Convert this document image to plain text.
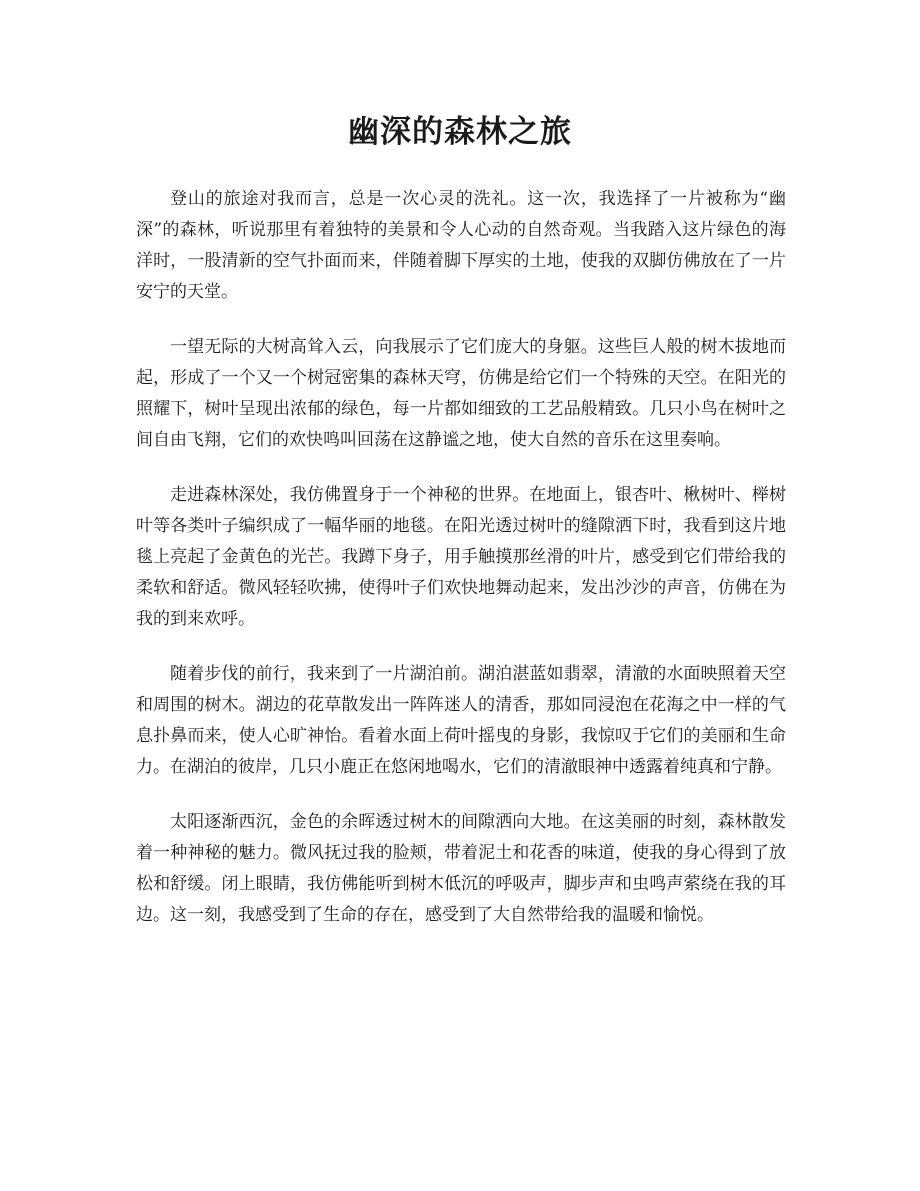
幽深的森林之旅

登山的旅途对我而言，总是一次心灵的洗礼。这一次，我选择了一片被称为“幽深”的森林，听说那里有着独特的美景和令人心动的自然奇观。当我踏入这片绿色的海洋时，一股清新的空气扑面而来，伴随着脚下厚实的土地，使我的双脚仿佛放在了一片安宁的天堂。

一望无际的大树高耸入云，向我展示了它们庞大的身躯。这些巨人般的树木拔地而起，形成了一个又一个树冠密集的森林天穹，仿佛是给它们一个特殊的天空。在阳光的照耀下，树叶呈现出浓郁的绿色，每一片都如细致的工艺品般精致。几只小鸟在树叶之间自由飞翔，它们的欢快鸣叫回荡在这静谧之地，使大自然的音乐在这里奏响。

走进森林深处，我仿佛置身于一个神秘的世界。在地面上，银杏叶、楸树叶、榉树叶等各类叶子编织成了一幅华丽的地毯。在阳光透过树叶的缝隙洒下时，我看到这片地毯上亮起了金黄色的光芒。我蹲下身子，用手触摸那丝滑的叶片，感受到它们带给我的柔软和舒适。微风轻轻吹拂，使得叶子们欢快地舞动起来，发出沙沙的声音，仿佛在为我的到来欢呼。

随着步伐的前行，我来到了一片湖泊前。湖泊湛蓝如翡翠，清澈的水面映照着天空和周围的树木。湖边的花草散发出一阵阵迷人的清香，那如同浸泡在花海之中一样的气息扑鼻而来，使人心旷神怡。看着水面上荷叶摇曳的身影，我惊叹于它们的美丽和生命力。在湖泊的彼岸，几只小鹿正在悠闲地喝水，它们的清澈眼神中透露着纯真和宁静。

太阳逐渐西沉，金色的余晖透过树木的间隙洒向大地。在这美丽的时刻，森林散发着一种神秘的魅力。微风抚过我的脸颊，带着泥土和花香的味道，使我的身心得到了放松和舒缓。闭上眼睛，我仿佛能听到树木低沉的呼吸声，脚步声和虫鸣声萦绕在我的耳边。这一刻，我感受到了生命的存在，感受到了大自然带给我的温暖和愉悦。
